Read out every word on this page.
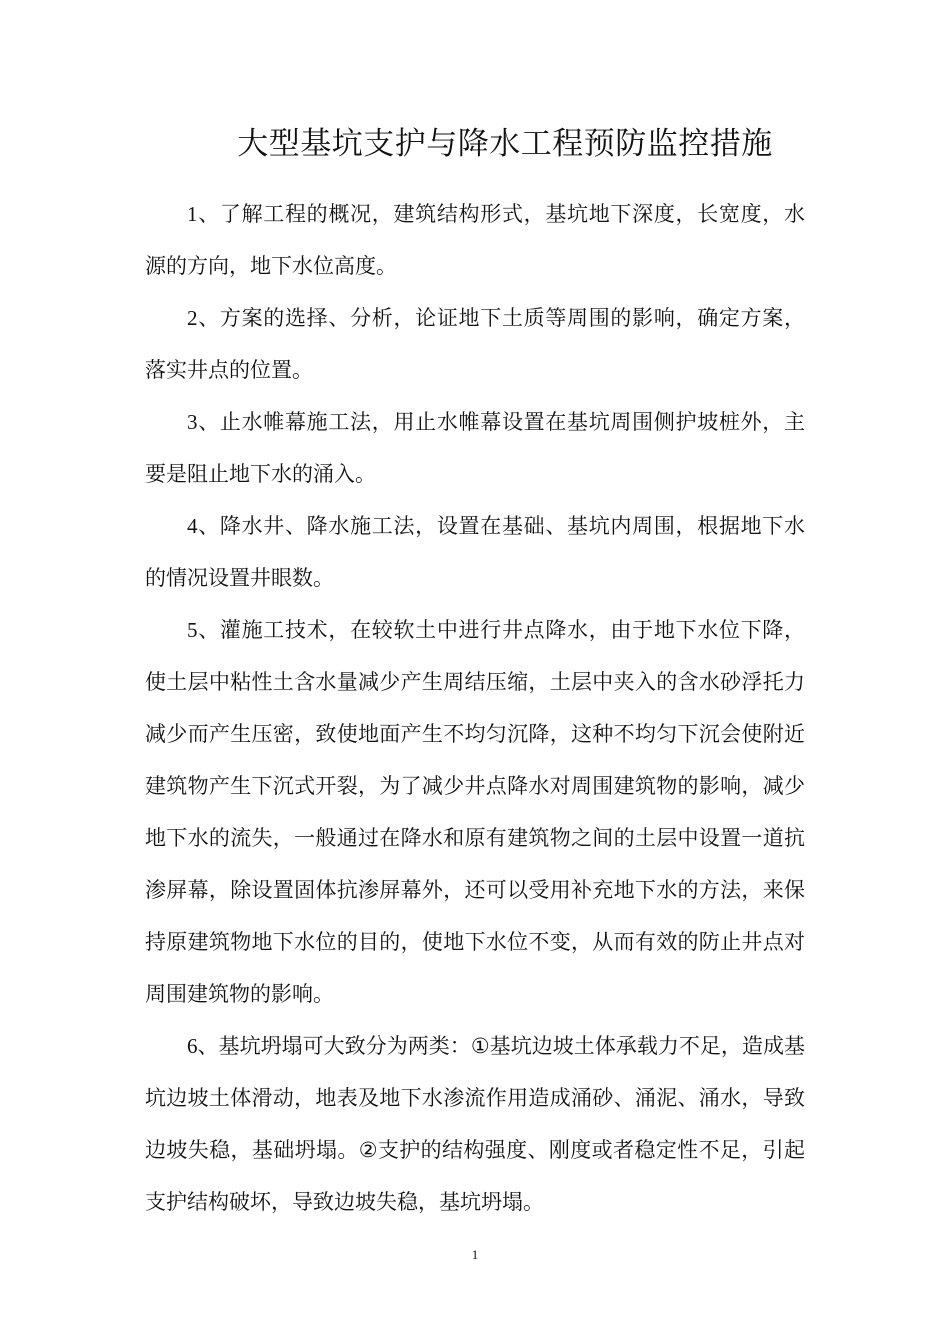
大型基坑支护与降水工程预防监控措施

1、了解工程的概况，建筑结构形式，基坑地下深度，长宽度，水源的方向，地下水位高度。

2、方案的选择、分析，论证地下土质等周围的影响，确定方案，落实井点的位置。

3、止水帷幕施工法，用止水帷幕设置在基坑周围侧护坡桩外，主要是阻止地下水的涌入。

4、降水井、降水施工法，设置在基础、基坑内周围，根据地下水的情况设置井眼数。

5、灌施工技术，在较软土中进行井点降水，由于地下水位下降，使土层中粘性土含水量减少产生周结压缩，土层中夹入的含水砂浮托力减少而产生压密，致使地面产生不均匀沉降，这种不均匀下沉会使附近建筑物产生下沉式开裂，为了减少井点降水对周围建筑物的影响，减少地下水的流失，一般通过在降水和原有建筑物之间的土层中设置一道抗渗屏幕，除设置固体抗渗屏幕外，还可以受用补充地下水的方法，来保持原建筑物地下水位的目的，使地下水位不变，从而有效的防止井点对周围建筑物的影响。

6、基坑坍塌可大致分为两类：①基坑边坡土体承载力不足，造成基坑边坡土体滑动，地表及地下水渗流作用造成涌砂、涌泥、涌水，导致边坡失稳，基础坍塌。②支护的结构强度、刚度或者稳定性不足，引起支护结构破坏，导致边坡失稳，基坑坍塌。

1
